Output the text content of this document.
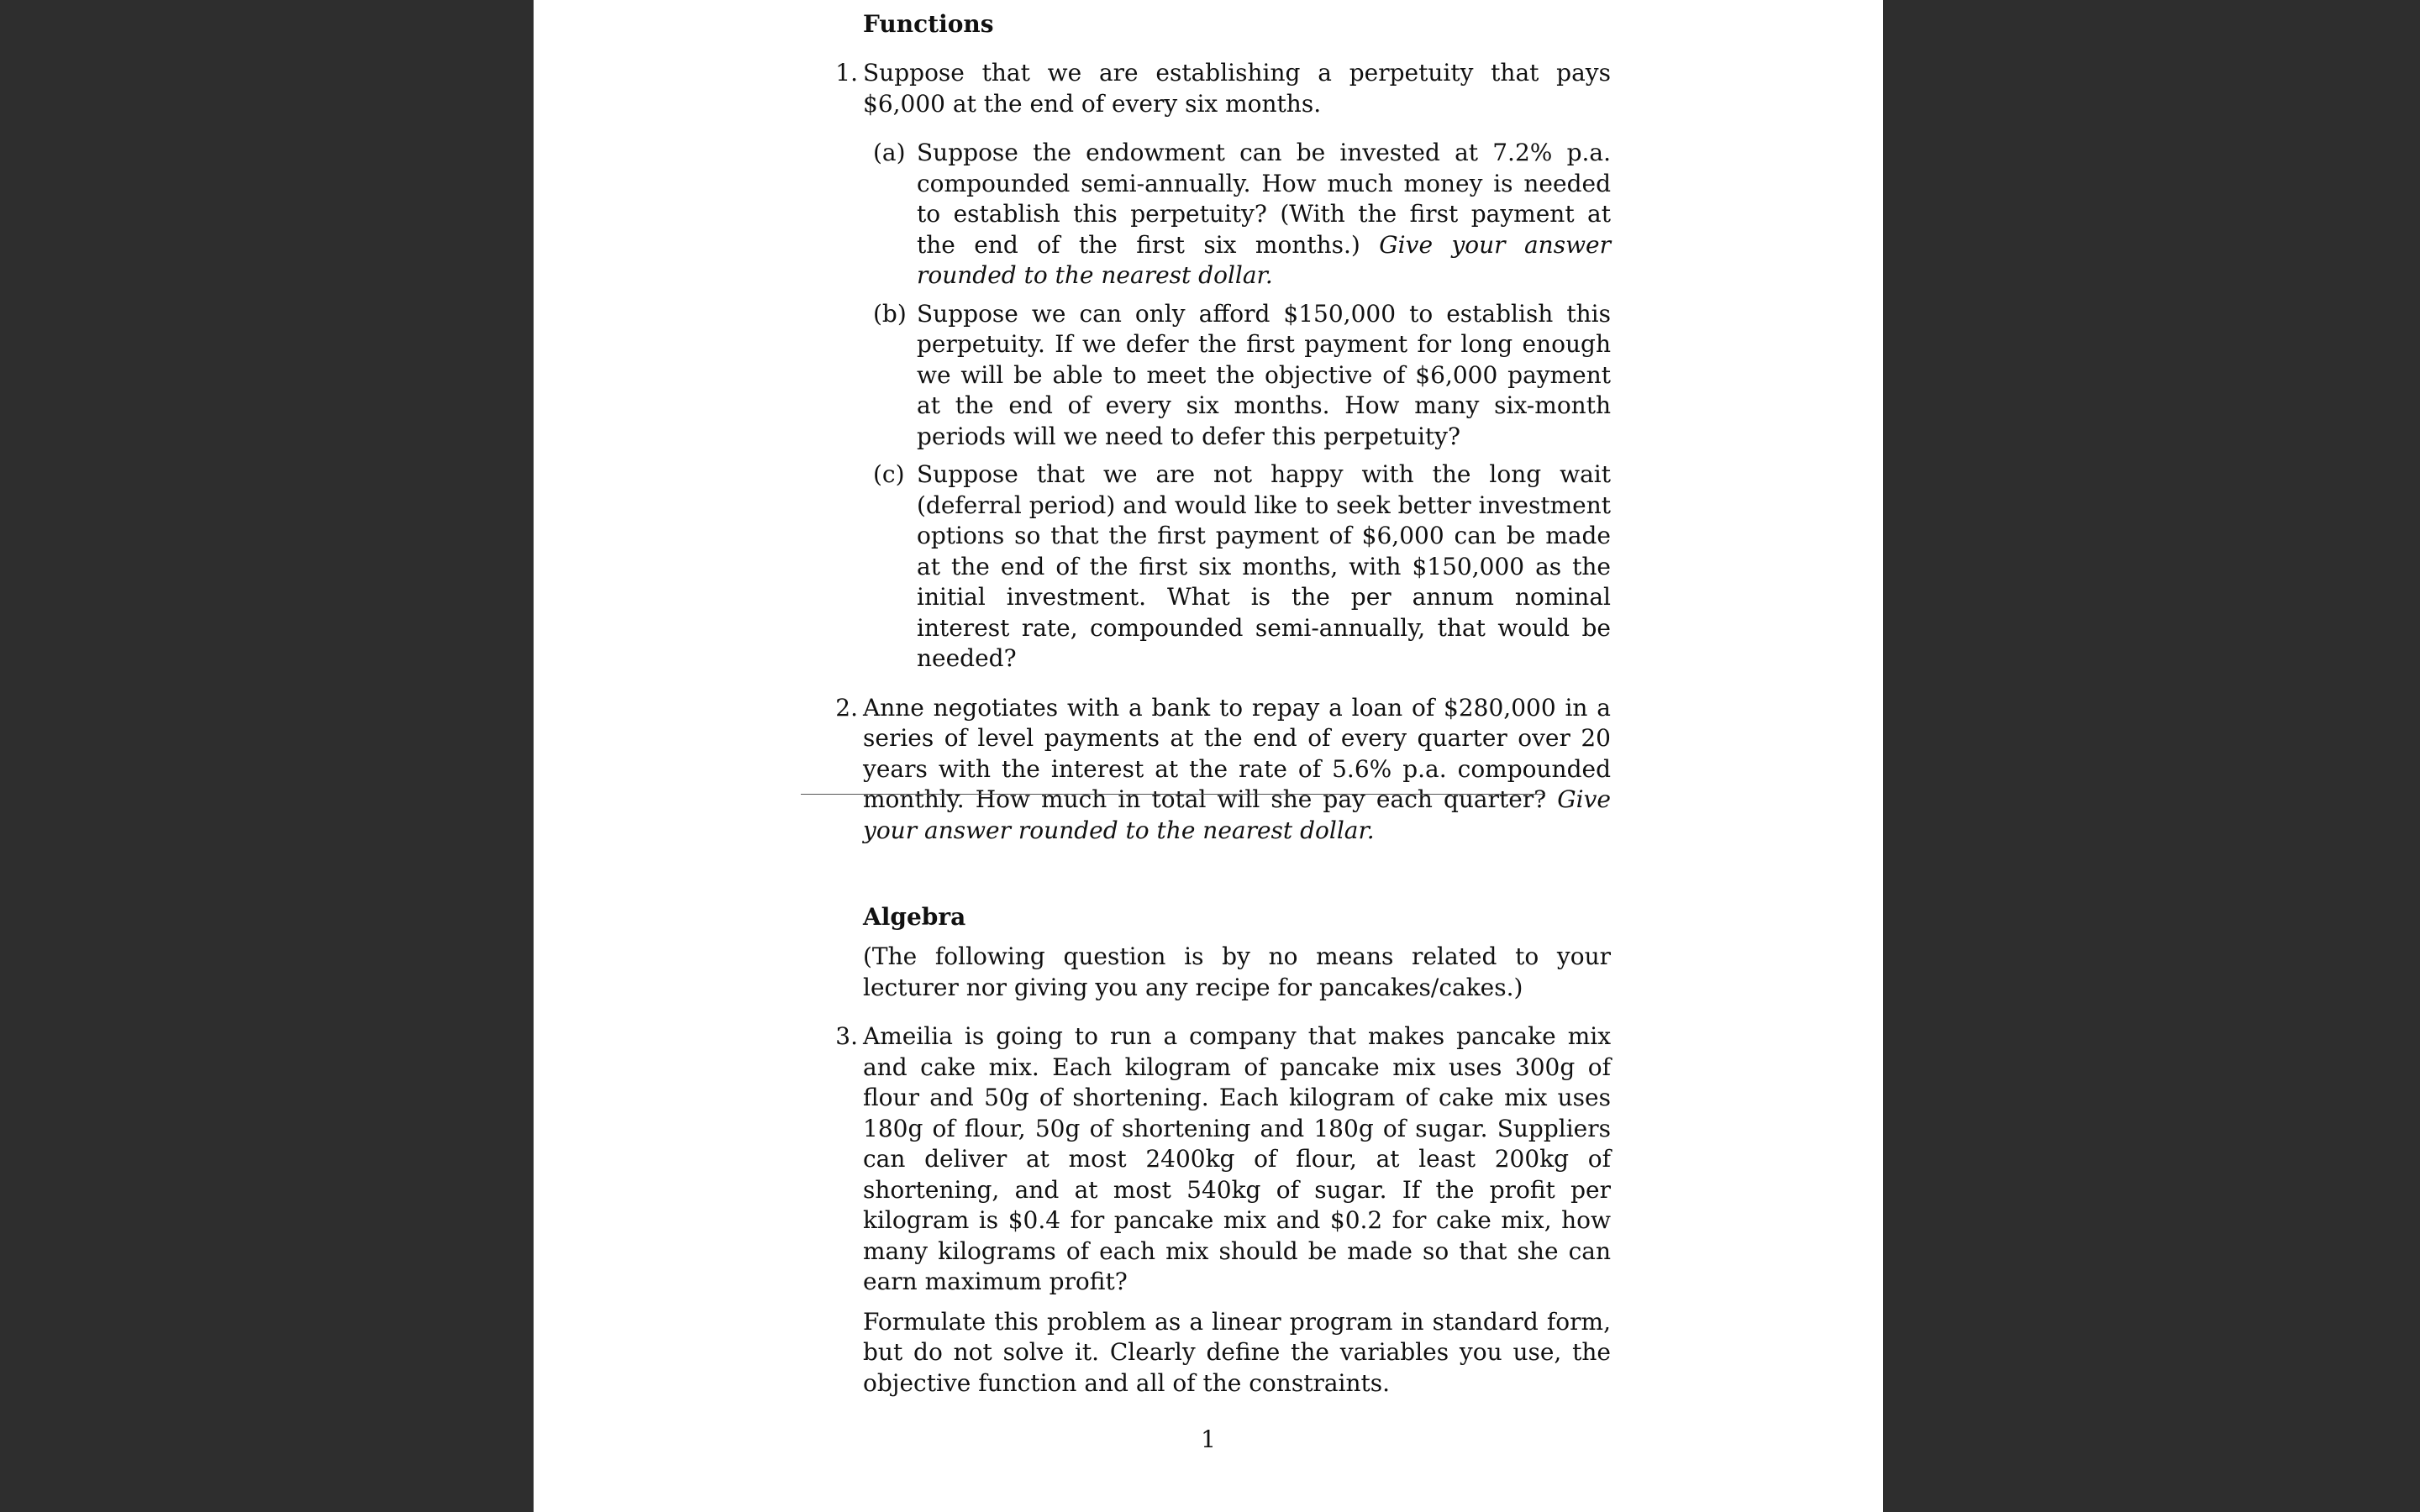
Functions
1. Suppose that we are establishing a perpetuity that pays $6,000 at the end of every six months.

(a) Suppose the endowment can be invested at 7.2% p.a. compounded semi-annually. How much money is needed to establish this perpetuity? (With the first payment at the end of the first six months.) Give your answer rounded to the nearest dollar.

(b) Suppose we can only afford $150,000 to establish this perpetuity. If we defer the first payment for long enough we will be able to meet the objective of $6,000 payment at the end of every six months. How many six-month periods will we need to defer this perpetuity?

(c) Suppose that we are not happy with the long wait (deferral period) and would like to seek better investment options so that the first payment of $6,000 can be made at the end of the first six months, with $150,000 as the initial investment. What is the per annum nominal interest rate, compounded semi-annually, that would be needed?

2. Anne negotiates with a bank to repay a loan of $280,000 in a series of level payments at the end of every quarter over 20 years with the interest at the rate of 5.6% p.a. compounded monthly. How much in total will she pay each quarter? Give your answer rounded to the nearest dollar.

Algebra

(The following question is by no means related to your lecturer nor giving you any recipe for pancakes/cakes.)

3. Ameilia is going to run a company that makes pancake mix and cake mix. Each kilogram of pancake mix uses 300g of flour and 50g of shortening. Each kilogram of cake mix uses 180g of flour, 50g of shortening and 180g of sugar. Suppliers can deliver at most 2400kg of flour, at least 200kg of shortening, and at most 540kg of sugar. If the profit per kilogram is $0.4 for pancake mix and $0.2 for cake mix, how many kilograms of each mix should be made so that she can earn maximum profit?

Formulate this problem as a linear program in standard form, but do not solve it. Clearly define the variables you use, the objective function and all of the constraints.

1
